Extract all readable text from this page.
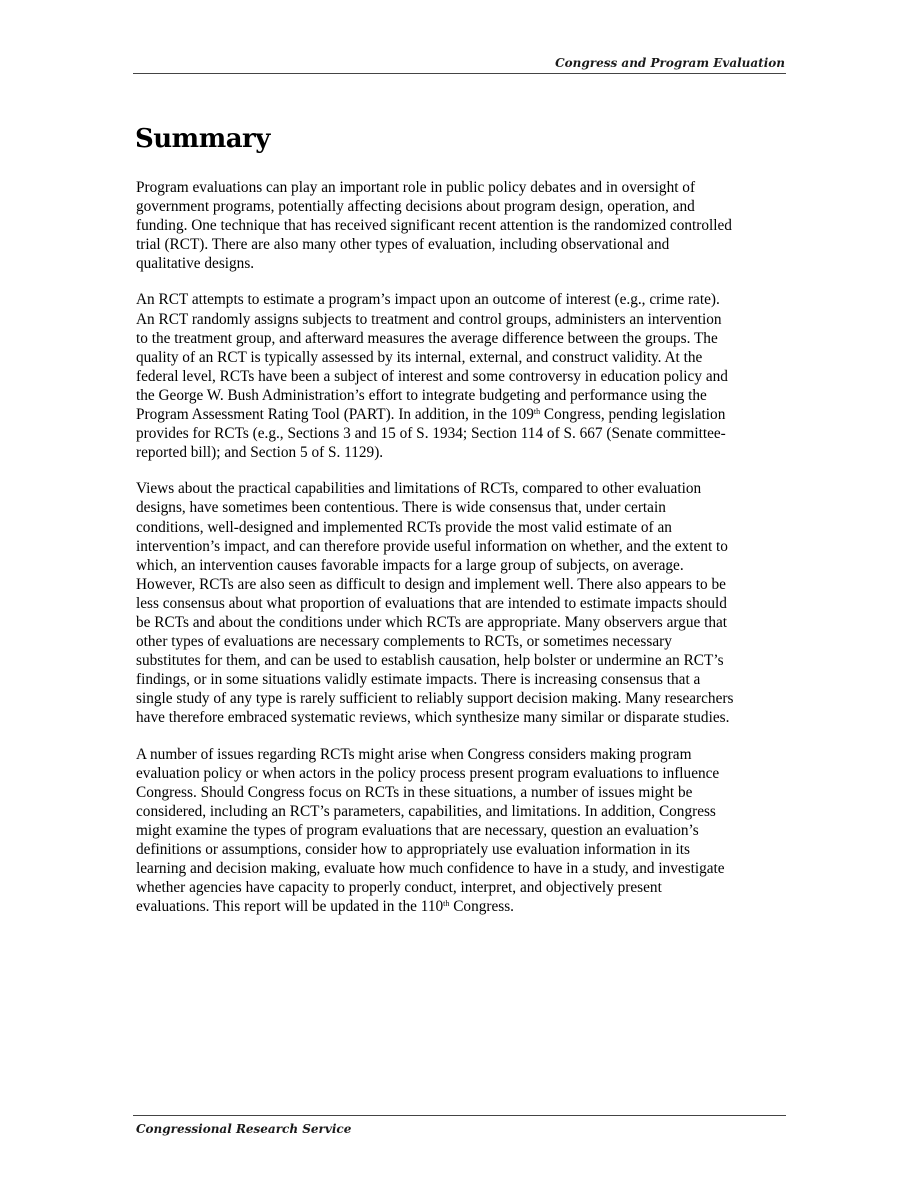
Congress and Program Evaluation
Summary

Program evaluations can play an important role in public policy debates and in oversight of
government programs, potentially affecting decisions about program design, operation, and
funding. One technique that has received significant recent attention is the randomized controlled
trial (RCT). There are also many other types of evaluation, including observational and
qualitative designs.

An RCT attempts to estimate a program’s impact upon an outcome of interest (e.g., crime rate).
An RCT randomly assigns subjects to treatment and control groups, administers an intervention
to the treatment group, and afterward measures the average difference between the groups. The
quality of an RCT is typically assessed by its internal, external, and construct validity. At the
federal level, RCTs have been a subject of interest and some controversy in education policy and
the George W. Bush Administration’s effort to integrate budgeting and performance using the
Program Assessment Rating Tool (PART). In addition, in the 109th Congress, pending legislation
provides for RCTs (e.g., Sections 3 and 15 of S. 1934; Section 114 of S. 667 (Senate committee-
reported bill); and Section 5 of S. 1129).

Views about the practical capabilities and limitations of RCTs, compared to other evaluation
designs, have sometimes been contentious. There is wide consensus that, under certain
conditions, well-designed and implemented RCTs provide the most valid estimate of an
intervention’s impact, and can therefore provide useful information on whether, and the extent to
which, an intervention causes favorable impacts for a large group of subjects, on average.
However, RCTs are also seen as difficult to design and implement well. There also appears to be
less consensus about what proportion of evaluations that are intended to estimate impacts should
be RCTs and about the conditions under which RCTs are appropriate. Many observers argue that
other types of evaluations are necessary complements to RCTs, or sometimes necessary
substitutes for them, and can be used to establish causation, help bolster or undermine an RCT’s
findings, or in some situations validly estimate impacts. There is increasing consensus that a
single study of any type is rarely sufficient to reliably support decision making. Many researchers
have therefore embraced systematic reviews, which synthesize many similar or disparate studies.

A number of issues regarding RCTs might arise when Congress considers making program
evaluation policy or when actors in the policy process present program evaluations to influence
Congress. Should Congress focus on RCTs in these situations, a number of issues might be
considered, including an RCT’s parameters, capabilities, and limitations. In addition, Congress
might examine the types of program evaluations that are necessary, question an evaluation’s
definitions or assumptions, consider how to appropriately use evaluation information in its
learning and decision making, evaluate how much confidence to have in a study, and investigate
whether agencies have capacity to properly conduct, interpret, and objectively present
evaluations. This report will be updated in the 110th Congress.

Congressional Research Service
